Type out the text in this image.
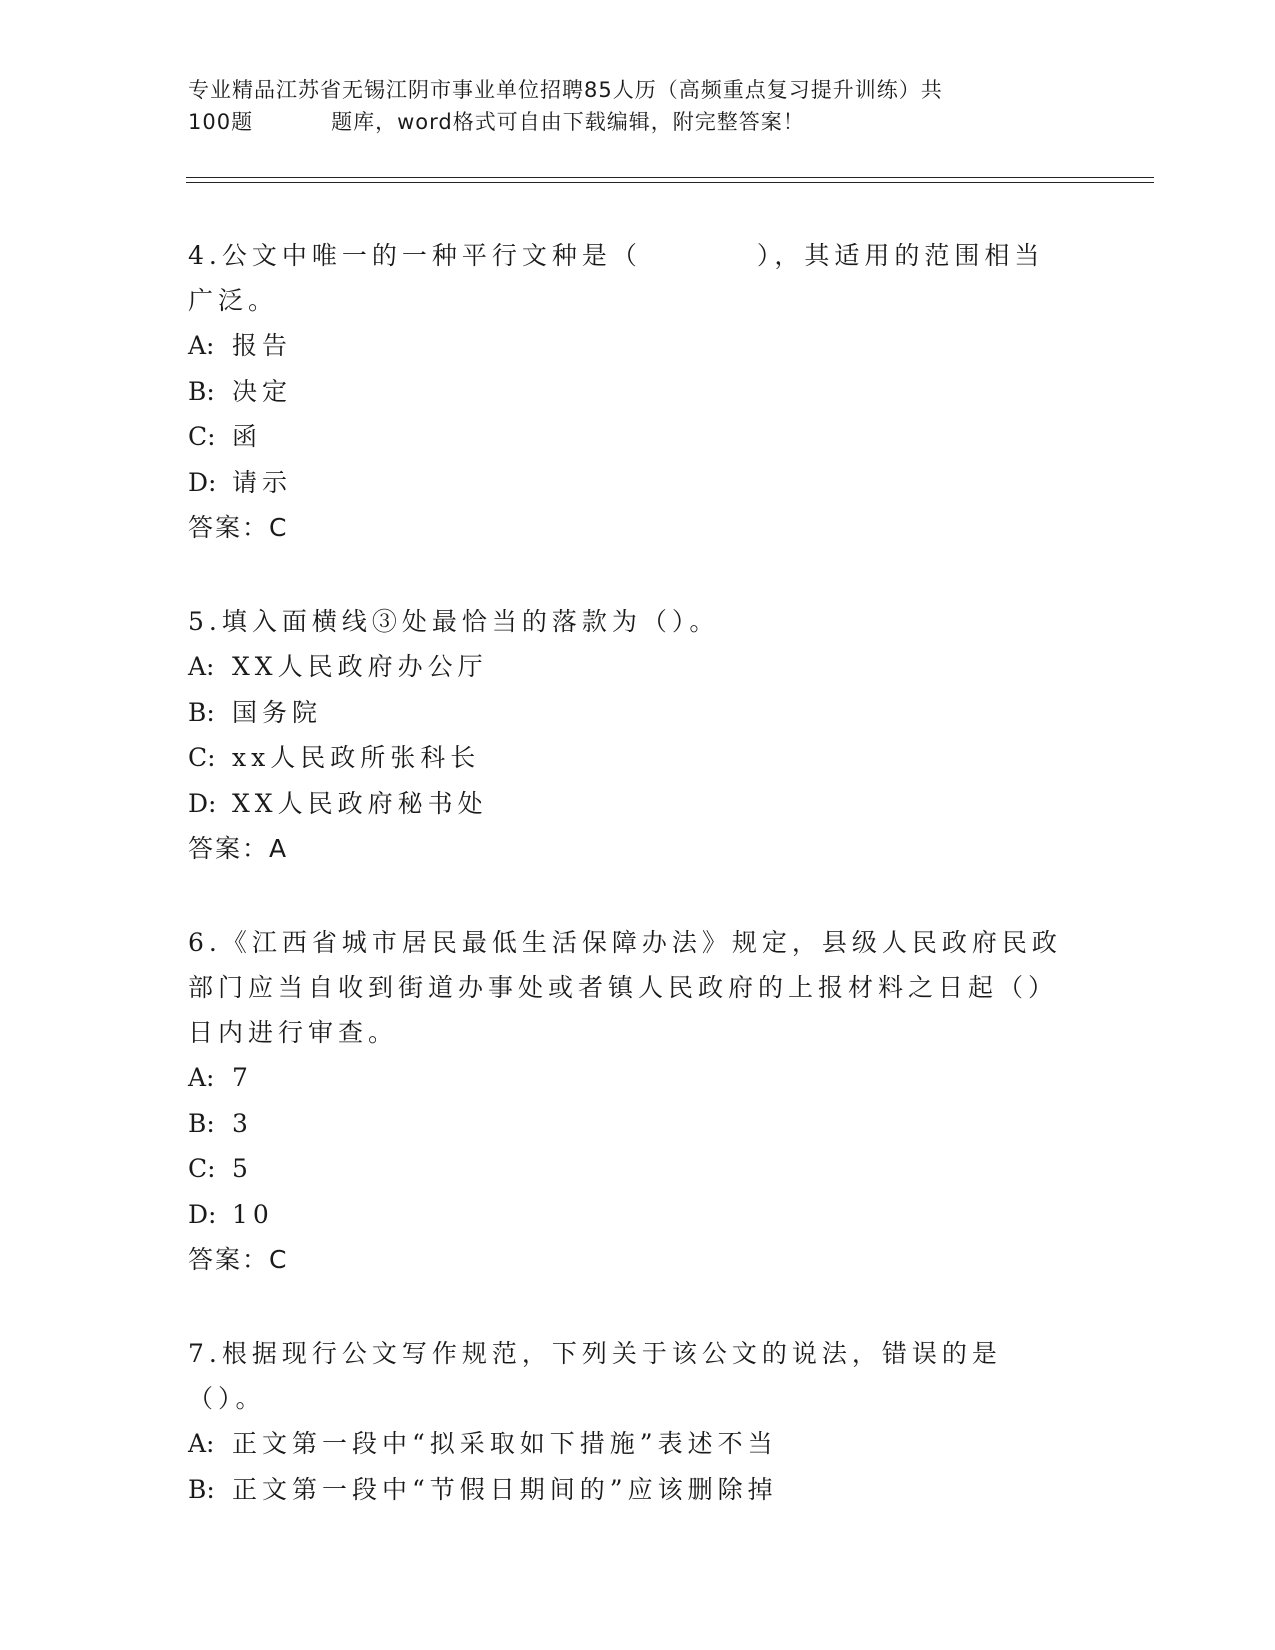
专业精品江苏省无锡江阴市事业单位招聘85人历（高频重点复习提升训练）共
100题	题库，word格式可自由下载编辑，附完整答案！

4.公文中唯一的一种平行文种是（	），其适用的范围相当广泛。

A: 报告

B: 决定

C: 函

D: 请示

答案：C

5.填入面横线③处最恰当的落款为（）。

A: XX人民政府办公厅

B: 国务院

C: xx人民政所张科长

D: XX人民政府秘书处

答案：A

6.《江西省城市居民最低生活保障办法》规定，县级人民政府民政部门应当自收到街道办事处或者镇人民政府的上报材料之日起（）日内进行审查。

A: 7

B: 3

C: 5

D: 10

答案：C

7.根据现行公文写作规范，下列关于该公文的说法，错误的是（）。

A: 正文第一段中“拟采取如下措施”表述不当

B: 正文第一段中“节假日期间的”应该删除掉
